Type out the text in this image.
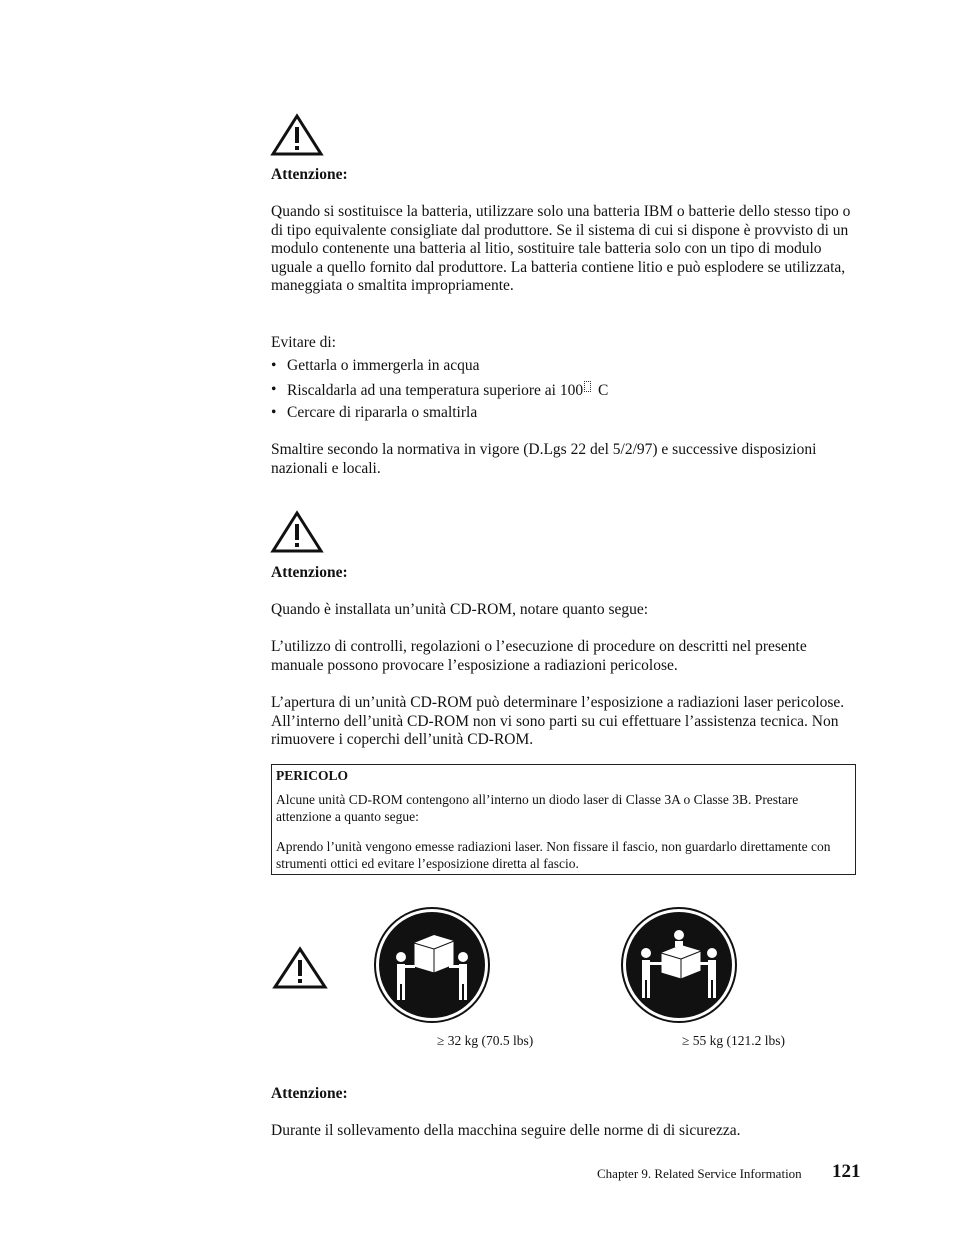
Attenzione:

Quando si sostituisce la batteria, utilizzare solo una batteria IBM o batterie dello stesso tipo o di tipo equivalente consigliate dal produttore. Se il sistema di cui si dispone è provvisto di un modulo contenente una batteria al litio, sostituire tale batteria solo con un tipo di modulo uguale a quello fornito dal produttore. La batteria contiene litio e può esplodere se utilizzata, maneggiata o smaltita impropriamente.

Evitare di:
• Gettarla o immergerla in acqua
• Riscaldarla ad una temperatura superiore ai 100 C
• Cercare di ripararla o smaltirla

Smaltire secondo la normativa in vigore (D.Lgs 22 del 5/2/97) e successive disposizioni nazionali e locali.

Attenzione:
Quando è installata un’unità CD-ROM, notare quanto segue:

L’utilizzo di controlli, regolazioni o l’esecuzione di procedure on descritti nel presente manuale possono provocare l’esposizione a radiazioni pericolose.

L’apertura di un’unità CD-ROM può determinare l’esposizione a radiazioni laser pericolose. All’interno dell’unità CD-ROM non vi sono parti su cui effettuare l’assistenza tecnica. Non rimuovere i coperchi dell’unità CD-ROM.

PERICOLO

Alcune unità CD-ROM contengono all’interno un diodo laser di Classe 3A o Classe 3B. Prestare attenzione a quanto segue:

Aprendo l’unità vengono emesse radiazioni laser. Non fissare il fascio, non guardarlo direttamente con strumenti ottici ed evitare l’esposizione diretta al fascio.

≥ 32 kg (70.5 lbs)	≥ 55 kg (121.2 lbs)
Attenzione:
Durante il sollevamento della macchina seguire delle norme di di sicurezza.
Chapter 9. Related Service Information 121
